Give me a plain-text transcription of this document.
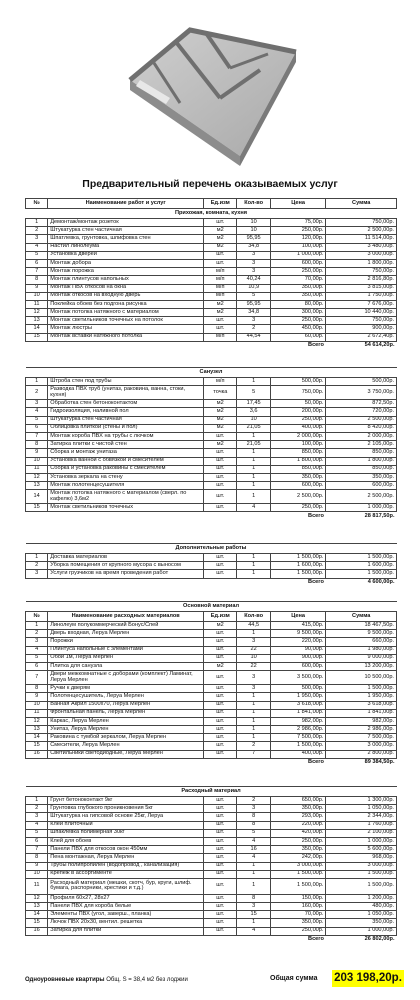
Предварительный перечень оказываемых услуг
№	Наименование работ и услуг	Ед.изм	Кол-во	Цена	Сумма
Прихожая, комната, кухня					
1	Демонтаж/монтаж розеток	шт.	10	75,00р.	750,00р.
2	Штукатурка стен частичная	м2	10	250,00р.	2 500,00р.
3	Шпатлевка, грунтовка, шлифовка стен	м2	95,95	120,00р.	11 514,00р.
4	Настил линолеума	м2	34,8	100,00р.	3 480,00р.
5	Установка дверей	шт.	3	1 000,00р.	3 000,00р.
6	Монтаж добора	шт.	3	600,00р.	1 800,00р.
7	Монтаж порожка	м/п	3	250,00р.	750,00р.
8	Монтаж плинтусов напольных	м/п	40,24	70,00р.	2 816,80р.
9	Монтаж ПВХ откосов на окна	м/п	10,9	350,00р.	3 815,00р.
10	Монтаж откосов на входную дверь	м/п	5	350,00р.	1 750,00р.
11	Поклейка обоев без подгона рисунка	м2	95,95	80,00р.	7 676,00р.
12	Монтаж потолка натяжного с материалом	м2	34,8	300,00р.	10 440,00р.
13	Монтаж светильников точечных на потолок	шт.	3	250,00р.	750,00р.
14	Монтаж люстры	шт.	2	450,00р.	900,00р.
15	Монтаж вставки натяжного потолка	м/п	44,54	60,00р.	2 672,40р.
				Всего	54 614,20р.
Санузел					
1	Штроба стен под трубы	м/п	1	500,00р.	500,00р.
2	Разводка ПВХ труб (унитаз, раковина, ванна, стоки, кухня)	точка	5	750,00р.	3 750,00р.
3	Обработка стен бетоноконтактом	м2	17,45	50,00р.	872,50р.
4	Гидроизоляция, наливной пол	м2	3,6	200,00р.	720,00р.
5	Штукатурка стен частичная	м2	10	250,00р.	2 500,00р.
6	Облицовка плиткой (стены и пол)	м2	21,05	400,00р.	8 420,00р.
7	Монтаж короба ПВХ на трубы с лючком	шт.	1	2 000,00р.	2 000,00р.
8	Затирка плитки с чистой стен	м2	21,05	100,00р.	2 105,00р.
9	Сборка и монтаж унитаза	шт.	1	850,00р.	850,00р.
10	Установка ванной с обвязкой и смесителем	шт.	1	1 800,00р.	1 800,00р.
11	Сборка и установка раковины с смесителем	шт.	1	850,00р.	850,00р.
12	Установка зеркала на стену	шт.	1	350,00р.	350,00р.
13	Монтаж полотенцесушителя	шт.	1	600,00р.	600,00р.
14	Монтаж потолка натяжного с материалом (сверл. по кафелю) 3,6м2	шт.	1	2 500,00р.	2 500,00р.
15	Монтаж светильников точечных	шт.	4	250,00р.	1 000,00р.
				Всего	28 817,50р.
Дополнительные работы					
1	Доставка материалов	шт.	1	1 500,00р.	1 500,00р.
2	Уборка помещения от крупного мусора с выносом	шт.	1	1 600,00р.	1 600,00р.
3	Услуги грузчиков на время проведения работ	шт.	1	1 500,00р.	1 500,00р.
				Всего	4 600,00р.
Основной материал					
№	Наименование расходных материалов	Ед.изм	Кол-во	Цена	Сумма
1	Линолеум полукоммерческий Бонус/Спей	м2	44,5	415,00р.	18 467,50р.
2	Дверь входная, Леруа Мерлен	шт.	1	9 500,00р.	9 500,00р.
3	Порожки	шт.	3	220,00р.	660,00р.
4	Плинтуса напольные с элементами	шт.	22	90,00р.	1 980,00р.
5	Обои 1м, Леруа Мерлен	шт.	10	900,00р.	9 000,00р.
6	Плитка для санузла	м2	22	600,00р.	13 200,00р.
7	Двери межкомнатные с доборами (комплект) Ламинат, Леруа Мерлен	шт.	3	3 500,00р.	10 500,00р.
8	Ручки к дверям	шт.	3	500,00р.	1 500,00р.
9	Полотенцесушитель, Леруа Мерлен	шт.	1	1 950,00р.	1 950,00р.
10	Ванная Акрил 1500х70, Леруа Мерлен	шт.	1	3 618,00р.	3 618,00р.
11	Фронтальная панель, Леруа Мерлен	шт.	1	1 841,00р.	1 841,00р.
12	Каркас, Леруа Мерлен	шт.	1	982,00р.	982,00р.
13	Унитаз, Леруа Мерлен	шт.	1	2 986,00р.	2 986,00р.
14	Раковина с тумбой зеркалом, Леруа Мерлен	шт.	1	7 500,00р.	7 500,00р.
15	Смесители, Леруа Мерлен	шт.	2	1 500,00р.	3 000,00р.
16	Светильники светодиодные, Леруа Мерлен	шт.	7	400,00р.	2 800,00р.
				Всего	89 384,50р.
Расходный материал					
1	Грунт бетоноконтакт 9кг	шт.	2	650,00р.	1 300,00р.
2	Грунтовка глубокого проникновения 5кг	шт.	3	350,00р.	1 050,00р.
3	Штукатурка на гипсовой основе 25кг, Леруа	шт.	8	293,00р.	2 344,00р.
4	Клей плиточный	шт.	8	220,00р.	1 760,00р.
5	Шпаклевка полимерная 30кг	шт.	5	420,00р.	2 100,00р.
6	Клей для обоев	шт.	4	250,00р.	1 000,00р.
7	Панели ПВХ для откосов окон 450мм	шт.	16	350,00р.	5 600,00р.
8	Пена монтажная, Леруа Мерлен	шт.	4	242,00р.	968,00р.
9	Трубы полипропилен (водопровод , канализация)	шт.	1	3 000,00р.	3 000,00р.
10	Крепёж в ассортименте	шт.	1	1 500,00р.	1 500,00р.
11	Расходный материал (мешки, скотч, бур, круги, шлиф. бумага, распорники, крестики и т.д.)	шт.	1	1 500,00р.	1 500,00р.
12	Профиля 60х27, 28х27	шт.	8	150,00р.	1 200,00р.
13	Панели ПВХ для короба белые	шт.	3	160,00р.	480,00р.
14	Элементы ПВХ (угол, заверш., планка)	шт.	15	70,00р.	1 050,00р.
15	Лючок ПВХ 20х30, вентил. решетка	шт.	1	350,00р.	350,00р.
16	Затирка для плитки	шт.	4	250,00р.	1 000,00р.
				Всего	26 802,00р.
Одноуровневые квартиры Общ. S = 38,4 м2 без лоджии	Общая сумма 203 198,20р.
